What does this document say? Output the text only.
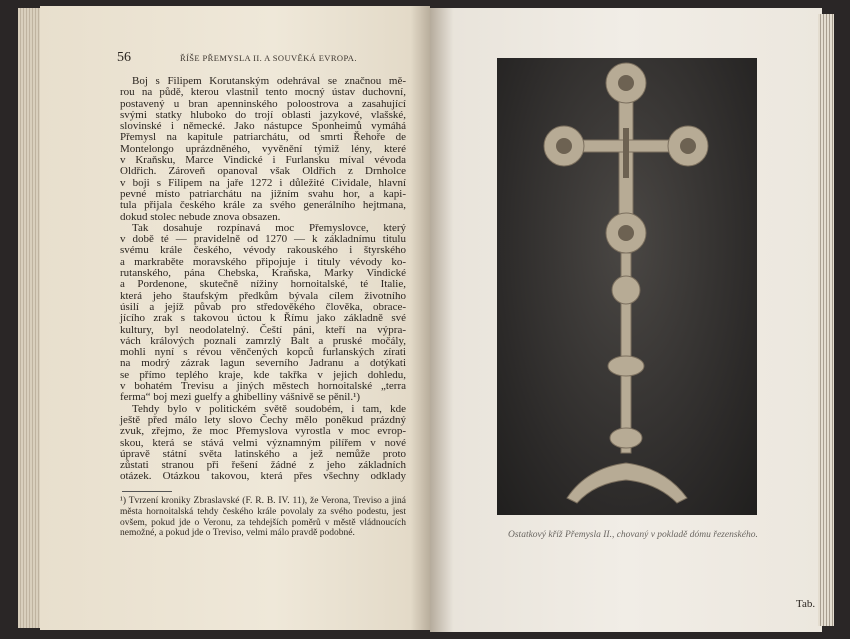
56	ŘÍŠE PŘEMYSLA II. A SOUVĚKÁ EVROPA.
Boj s Filipem Korutanským odehrával se značnou mě-
rou na půdě, kterou vlastnil tento mocný ústav duchovní,
postavený u bran apenninského poloostrova a zasahující
svými statky hluboko do trojí oblasti jazykové, vlašské,
slovinské i německé. Jako nástupce Sponheimů vymáhá
Přemysl na kapitule patriarchátu, od smrti Řehoře de
Montelongo uprázdněného, vyvěnění týmiž lény, které
v Kraňsku, Marce Vindické i Furlansku míval vévoda
Oldřich. Zároveň opanoval však Oldřich z Drnholce
v boji s Filipem na jaře 1272 i důležité Cividale, hlavní
pevné místo patriarchátu na jižním svahu hor, a kapi-
tula přijala českého krále za svého generálního hejtmana,
dokud stolec nebude znova obsazen.
Tak dosahuje rozpínavá moc Přemyslovce, který
v době té — pravidelně od 1270 — k základnímu titulu
svému krále českého, vévody rakouského i štyrského
a markraběte moravského připojuje i tituly vévody ko-
rutanského, pána Chebska, Kraňska, Marky Vindické
a Pordenone, skutečně nížiny hornoitalské, té Italie,
která jeho štaufským předkům bývala cílem životního
úsilí a jejíž půvab pro středověkého člověka, obrace-
jícího zrak s takovou úctou k Římu jako základně své
kultury, byl neodolatelný. Čeští páni, kteří na výpra-
vách králových poznali zamrzlý Balt a pruské močály,
mohli nyní s révou věnčených kopců furlanských zírati
na modrý zázrak lagun severního Jadranu a dotýkati
se přímo teplého kraje, kde takřka v jejich dohledu,
v bohatém Trevisu a jiných městech hornoitalské „terra
ferma“ boj mezi guelfy a ghibelliny vášnivě se pěnil.¹)
Tehdy bylo v politickém světě soudobém, i tam, kde
ještě před málo lety slovo Čechy mělo poněkud prázdný
zvuk, zřejmo, že moc Přemyslova vyrostla v moc evrop-
skou, která se stává velmi významným pilířem v nové
úpravě státní světa latinského a jež nemůže proto
zůstati stranou při řešení žádné z jeho základních
otázek. Otázkou takovou, která přes všechny odklady
¹) Tvrzení kroniky Zbraslavské (F. R. B. IV. 11), že Verona, Treviso a jiná města hornoitalská tehdy českého krále povolaly za svého podestu, jest ovšem, pokud jde o Veronu, za tehdejších poměrů v městě vládnoucích nemožné, a pokud jde o Treviso, velmi málo pravdě podobné.	Ostatkový kříž Přemysla II., chovaný v pokladě dómu řezenského.
Tab.
